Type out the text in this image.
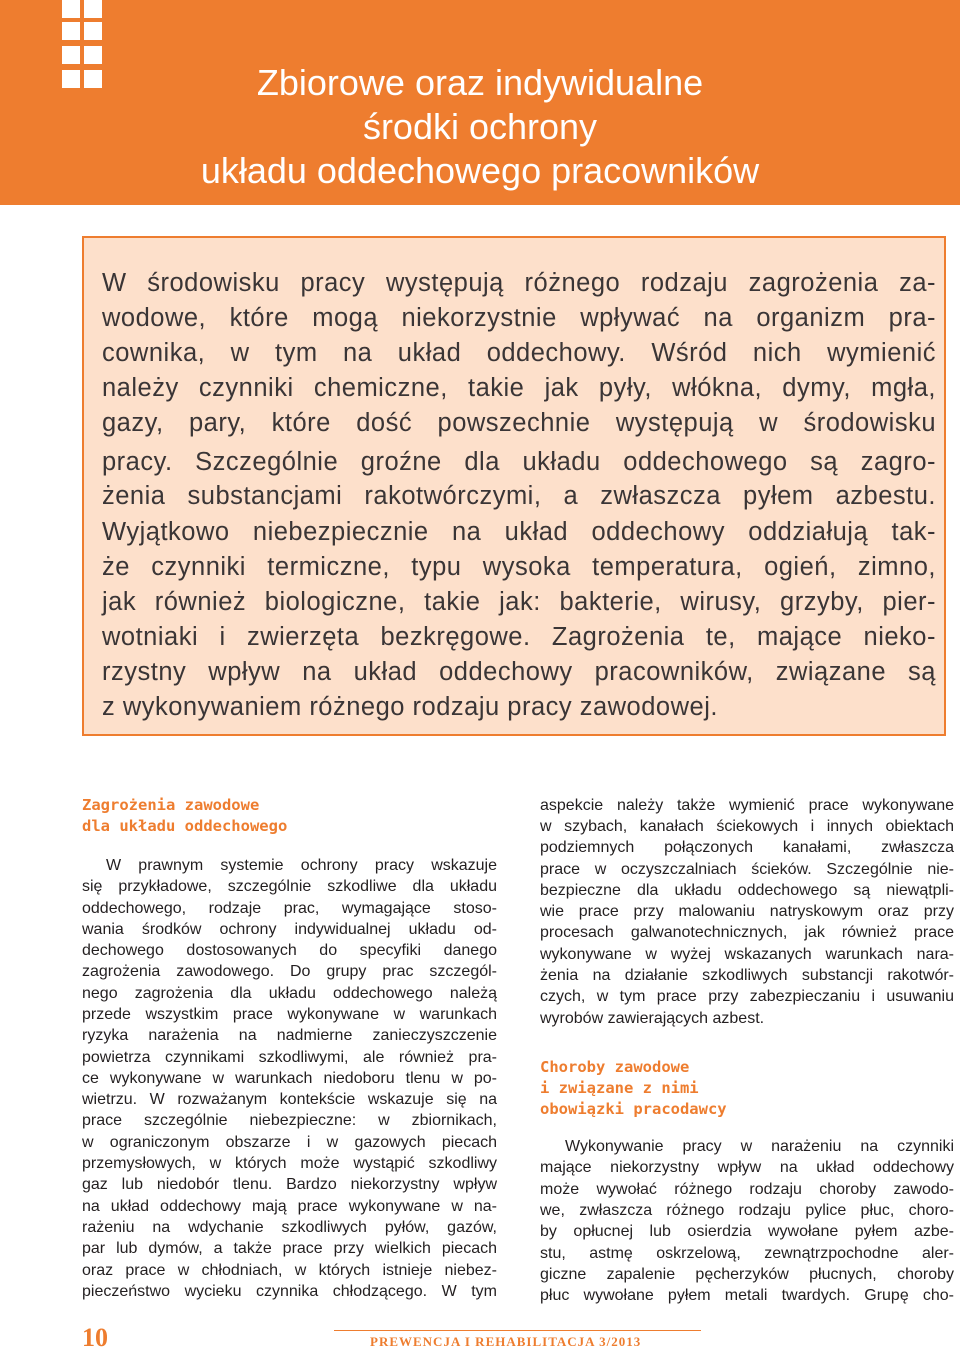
Zbiorowe oraz indywidualne
środki ochrony
układu oddechowego pracowników
W środowisku pracy występują różnego rodzaju zagrożenia za-
wodowe, które mogą niekorzystnie wpływać na organizm pra-
cownika, w tym na układ oddechowy. Wśród nich wymienić
należy czynniki chemiczne, takie jak pyły, włókna, dymy, mgła,
gazy, pary, które dość powszechnie występują w środowisku
pracy. Szczególnie groźne dla układu oddechowego są zagro-
żenia substancjami rakotwórczymi, a zwłaszcza pyłem azbestu.
Wyjątkowo niebezpiecznie na układ oddechowy oddziałują tak-
że czynniki termiczne, typu wysoka temperatura, ogień, zimno,
jak również biologiczne, takie jak: bakterie, wirusy, grzyby, pier-
wotniaki i zwierzęta bezkręgowe. Zagrożenia te, mające nieko-
rzystny wpływ na układ oddechowy pracowników, związane są
z wykonywaniem różnego rodzaju pracy zawodowej.
Zagrożenia zawodowe
dla układu oddechowego
W prawnym systemie ochrony pracy wskazuje
się przykładowe, szczególnie szkodliwe dla układu
oddechowego, rodzaje prac, wymagające stoso-
wania środków ochrony indywidualnej układu od-
dechowego dostosowanych do specyfiki danego
zagrożenia zawodowego. Do grupy prac szczegól-
nego zagrożenia dla układu oddechowego należą
przede wszystkim prace wykonywane w warunkach
ryzyka narażenia na nadmierne zanieczyszczenie
powietrza czynnikami szkodliwymi, ale również pra-
ce wykonywane w warunkach niedoboru tlenu w po-
wietrzu. W rozważanym kontekście wskazuje się na
prace szczególnie niebezpieczne: w zbiornikach,
w ograniczonym obszarze i w gazowych piecach
przemysłowych, w których może wystąpić szkodliwy
gaz lub niedobór tlenu. Bardzo niekorzystny wpływ
na układ oddechowy mają prace wykonywane w na-
rażeniu na wdychanie szkodliwych pyłów, gazów,
par lub dymów, a także prace przy wielkich piecach
oraz prace w chłodniach, w których istnieje niebez-
pieczeństwo wycieku czynnika chłodzącego. W tym
aspekcie należy także wymienić prace wykonywane
w szybach, kanałach ściekowych i innych obiektach
podziemnych połączonych kanałami, zwłaszcza
prace w oczyszczalniach ścieków. Szczególnie nie-
bezpieczne dla układu oddechowego są niewątpli-
wie prace przy malowaniu natryskowym oraz przy
procesach galwanotechnicznych, jak również prace
wykonywane w wyżej wskazanych warunkach nara-
żenia na działanie szkodliwych substancji rakotwór-
czych, w tym prace przy zabezpieczaniu i usuwaniu
wyrobów zawierających azbest.
Choroby zawodowe
i związane z nimi
obowiązki pracodawcy
Wykonywanie pracy w narażeniu na czynniki
mające niekorzystny wpływ na układ oddechowy
może wywołać różnego rodzaju choroby zawodo-
we, zwłaszcza różnego rodzaju pylice płuc, choro-
by opłucnej lub osierdzia wywołane pyłem azbe-
stu, astmę oskrzelową, zewnątrzpochodne aler-
giczne zapalenie pęcherzyków płucnych, choroby
płuc wywołane pyłem metali twardych. Grupę cho-
10	PREWENCJA I REHABILITACJA 3/2013
